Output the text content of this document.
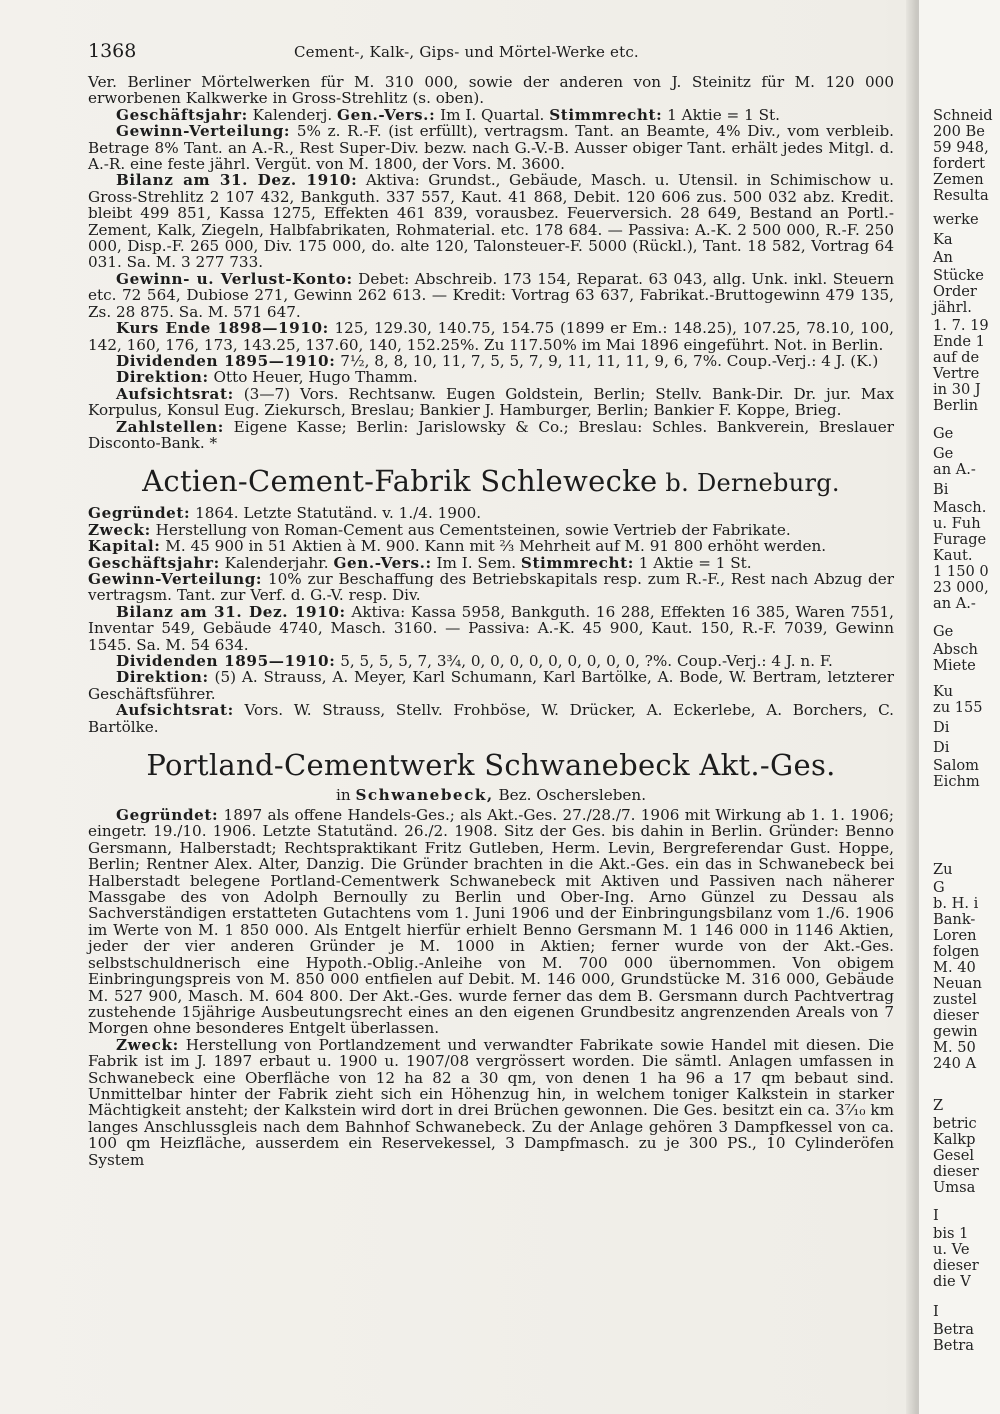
1368	Cement-, Kalk-, Gips- und Mörtel-Werke etc.

Ver. Berliner Mörtelwerken für M. 310 000, sowie der anderen von J. Steinitz für M. 120 000 erworbenen Kalkwerke in Gross-Strehlitz (s. oben).

Geschäftsjahr: Kalenderj. Gen.-Vers.: Im I. Quartal. Stimmrecht: 1 Aktie = 1 St.

Gewinn-Verteilung: 5% z. R.-F. (ist erfüllt), vertragsm. Tant. an Beamte, 4% Div., vom verbleib. Betrage 8% Tant. an A.-R., Rest Super-Div. bezw. nach G.-V.-B. Ausser obiger Tant. erhält jedes Mitgl. d. A.-R. eine feste jährl. Vergüt. von M. 1800, der Vors. M. 3600.

Bilanz am 31. Dez. 1910: Aktiva: Grundst., Gebäude, Masch. u. Utensil. in Schimischow u. Gross-Strehlitz 2 107 432, Bankguth. 337 557, Kaut. 41 868, Debit. 120 606 zus. 500 032 abz. Kredit. bleibt 499 851, Kassa 1275, Effekten 461 839, vorausbez. Feuerversich. 28 649, Bestand an Portl.-Zement, Kalk, Ziegeln, Halbfabrikaten, Rohmaterial. etc. 178 684. — Passiva: A.-K. 2 500 000, R.-F. 250 000, Disp.-F. 265 000, Div. 175 000, do. alte 120, Talonsteuer-F. 5000 (Rückl.), Tant. 18 582, Vortrag 64 031. Sa. M. 3 277 733.

Gewinn- u. Verlust-Konto: Debet: Abschreib. 173 154, Reparat. 63 043, allg. Unk. inkl. Steuern etc. 72 564, Dubiose 271, Gewinn 262 613. — Kredit: Vortrag 63 637, Fabrikat.-Bruttogewinn 479 135, Zs. 28 875. Sa. M. 571 647.

Kurs Ende 1898—1910: 125, 129.30, 140.75, 154.75 (1899 er Em.: 148.25), 107.25, 78.10, 100, 142, 160, 176, 173, 143.25, 137.60, 140, 152.25%. Zu 117.50% im Mai 1896 eingeführt. Not. in Berlin.

Dividenden 1895—1910: 7½, 8, 8, 10, 11, 7, 5, 5, 7, 9, 11, 11, 11, 9, 6, 7%. Coup.-Verj.: 4 J. (K.)

Direktion: Otto Heuer, Hugo Thamm.

Aufsichtsrat: (3—7) Vors. Rechtsanw. Eugen Goldstein, Berlin; Stellv. Bank-Dir. Dr. jur. Max Korpulus, Konsul Eug. Ziekursch, Breslau; Bankier J. Hamburger, Berlin; Bankier F. Koppe, Brieg.

Zahlstellen: Eigene Kasse; Berlin: Jarislowsky & Co.; Breslau: Schles. Bankverein, Breslauer Disconto-Bank. *

Actien-Cement-Fabrik Schlewecke b. Derneburg.

Gegründet: 1864. Letzte Statutänd. v. 1./4. 1900.

Zweck: Herstellung von Roman-Cement aus Cementsteinen, sowie Vertrieb der Fabrikate.

Kapital: M. 45 900 in 51 Aktien à M. 900. Kann mit ⅔ Mehrheit auf M. 91 800 erhöht werden.

Geschäftsjahr: Kalenderjahr. Gen.-Vers.: Im I. Sem. Stimmrecht: 1 Aktie = 1 St.

Gewinn-Verteilung: 10% zur Beschaffung des Betriebskapitals resp. zum R.-F., Rest nach Abzug der vertragsm. Tant. zur Verf. d. G.-V. resp. Div.

Bilanz am 31. Dez. 1910: Aktiva: Kassa 5958, Bankguth. 16 288, Effekten 16 385, Waren 7551, Inventar 549, Gebäude 4740, Masch. 3160. — Passiva: A.-K. 45 900, Kaut. 150, R.-F. 7039, Gewinn 1545. Sa. M. 54 634.

Dividenden 1895—1910: 5, 5, 5, 5, 7, 3¾, 0, 0, 0, 0, 0, 0, 0, 0, 0, ?%. Coup.-Verj.: 4 J. n. F.

Direktion: (5) A. Strauss, A. Meyer, Karl Schumann, Karl Bartölke, A. Bode, W. Bertram, letzterer Geschäftsführer.

Aufsichtsrat: Vors. W. Strauss, Stellv. Frohböse, W. Drücker, A. Eckerlebe, A. Borchers, C. Bartölke.

Portland-Cementwerk Schwanebeck Akt.-Ges.

in Schwanebeck, Bez. Oschersleben.

Gegründet: 1897 als offene Handels-Ges.; als Akt.-Ges. 27./28./7. 1906 mit Wirkung ab 1. 1. 1906; eingetr. 19./10. 1906. Letzte Statutänd. 26./2. 1908. Sitz der Ges. bis dahin in Berlin. Gründer: Benno Gersmann, Halberstadt; Rechtspraktikant Fritz Gutleben, Herm. Levin, Bergreferendar Gust. Hoppe, Berlin; Rentner Alex. Alter, Danzig. Die Gründer brachten in die Akt.-Ges. ein das in Schwanebeck bei Halberstadt belegene Portland-Cementwerk Schwanebeck mit Aktiven und Passiven nach näherer Massgabe des von Adolph Bernoully zu Berlin und Ober-Ing. Arno Günzel zu Dessau als Sachverständigen erstatteten Gutachtens vom 1. Juni 1906 und der Einbringungsbilanz vom 1./6. 1906 im Werte von M. 1 850 000. Als Entgelt hierfür erhielt Benno Gersmann M. 1 146 000 in 1146 Aktien, jeder der vier anderen Gründer je M. 1000 in Aktien; ferner wurde von der Akt.-Ges. selbstschuldnerisch eine Hypoth.-Oblig.-Anleihe von M. 700 000 übernommen. Von obigem Einbringungspreis von M. 850 000 entfielen auf Debit. M. 146 000, Grundstücke M. 316 000, Gebäude M. 527 900, Masch. M. 604 800. Der Akt.-Ges. wurde ferner das dem B. Gersmann durch Pachtvertrag zustehende 15jährige Ausbeutungsrecht eines an den eigenen Grundbesitz angrenzenden Areals von 7 Morgen ohne besonderes Entgelt überlassen.

Zweck: Herstellung von Portlandzement und verwandter Fabrikate sowie Handel mit diesen. Die Fabrik ist im J. 1897 erbaut u. 1900 u. 1907/08 vergrössert worden. Die sämtl. Anlagen umfassen in Schwanebeck eine Oberfläche von 12 ha 82 a 30 qm, von denen 1 ha 96 a 17 qm bebaut sind. Unmittelbar hinter der Fabrik zieht sich ein Höhenzug hin, in welchem toniger Kalkstein in starker Mächtigkeit ansteht; der Kalkstein wird dort in drei Brüchen gewonnen. Die Ges. besitzt ein ca. 3⁷⁄₁₀ km langes Anschlussgleis nach dem Bahnhof Schwanebeck. Zu der Anlage gehören 3 Dampfkessel von ca. 100 qm Heizfläche, ausserdem ein Reservekessel, 3 Dampfmasch. zu je 300 PS., 10 Cylinderöfen System

Schneid
200 Be
59 948,
fordert
Zemen
Resulta
werke
Ka
An
Stücke
Order
jährl.
1. 7. 19
Ende 1
auf de
Vertre
in 30 J
Berlin
Ge
Ge
an A.-
Bi
Masch.
u. Fuh
Furage
Kaut.
1 150 0
23 000,
an A.-
Ge
Absch
Miete
Ku
zu 155
Di
Di
Salom
Eichm
Zu
G
b. H. i
Bank-
Loren
folgen
M. 40
Neuan
zustel
dieser
gewin
M. 50
240 A
Z
betric
Kalkp
Gesel
dieser
Umsa
I
bis 1
u. Ve
dieser
die V
I
Betra
Betra
